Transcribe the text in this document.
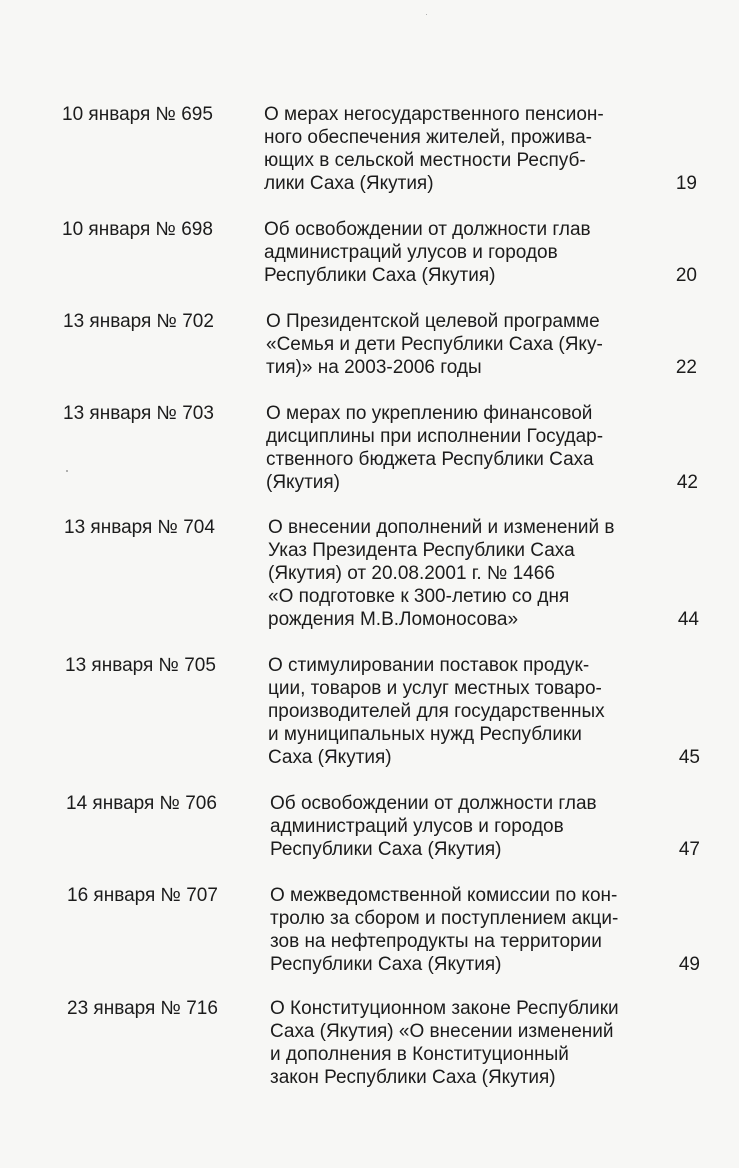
10 января № 695	О мерах негосударственного пенсион-
ного обеспечения жителей, прожива-
ющих в сельской местности Респуб-
лики Саха (Якутия)	19
10 января № 698	Об освобождении от должности глав
администраций улусов и городов
Республики Саха (Якутия)	20
13 января № 702	О Президентской целевой программе
«Семья и дети Республики Саха (Яку-
тия)» на 2003-2006 годы	22
13 января № 703	О мерах по укреплению финансовой
дисциплины при исполнении Государ-
ственного бюджета Республики Саха
(Якутия)	42
13 января № 704	О внесении дополнений и изменений в
Указ Президента Республики Саха
(Якутия) от 20.08.2001 г. № 1466
«О подготовке к 300-летию со дня
рождения М.В.Ломоносова»	44
13 января № 705	О стимулировании поставок продук-
ции, товаров и услуг местных товаро-
производителей для государственных
и муниципальных нужд Республики
Саха (Якутия)	45
14 января № 706	Об освобождении от должности глав
администраций улусов и городов
Республики Саха (Якутия)	47
16 января № 707	О межведомственной комиссии по кон-
тролю за сбором и поступлением акци-
зов на нефтепродукты на территории
Республики Саха (Якутия)	49
23 января № 716	О Конституционном законе Республики
Саха (Якутия) «О внесении изменений
и дополнения в Конституционный
закон Республики Саха (Якутия)
